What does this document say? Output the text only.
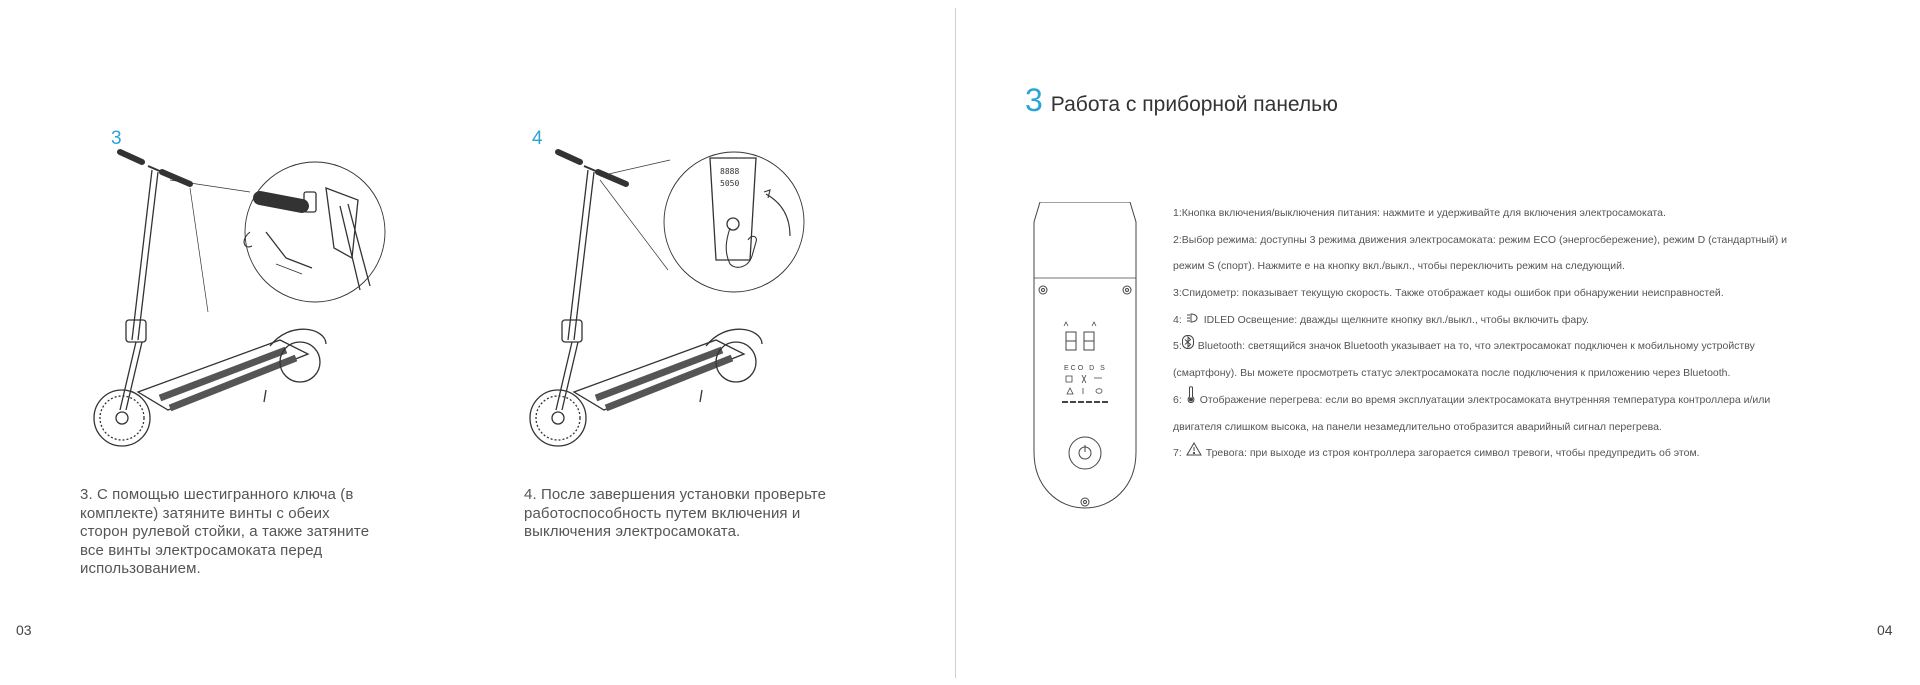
3	4
8888
5050
3. С помощью шестигранного ключа (в
комплекте) затяните винты с обеих
сторон рулевой стойки, а также затяните
все винты электросамоката перед
использованием.
4. После завершения установки проверьте
работоспособность путем включения и
выключения электросамоката.
03
3 Работа с приборной панелью
ECO D S
1: Кнопка включения/выключения питания: нажмите и удерживайте для включения электросамоката.
2: Выбор режима: доступны 3 режима движения электросамоката: режим ECO (энергосбережение), режим D (стандартный) и
режим S (спорт). Нажмите е на кнопку вкл./выкл., чтобы переключить режим на следующий.
3: Спидометр: показывает текущую скорость. Также отображает коды ошибок при обнаружении неисправностей.
4: IDLED Освещение: дважды щелкните кнопку вкл./выкл., чтобы включить фару.
5: Bluetooth: светящийся значок Bluetooth указывает на то, что электросамокат подключен к мобильному устройству
(смартфону). Вы можете просмотреть статус электросамоката после подключения к приложению через Bluetooth.
6: Отображение перегрева: если во время эксплуатации электросамоката внутренняя температура контроллера и/или
двигателя слишком высока, на панели незамедлительно отобразится аварийный сигнал перегрева.
7: Тревога: при выходе из строя контроллера загорается символ тревоги, чтобы предупредить об этом.
04
